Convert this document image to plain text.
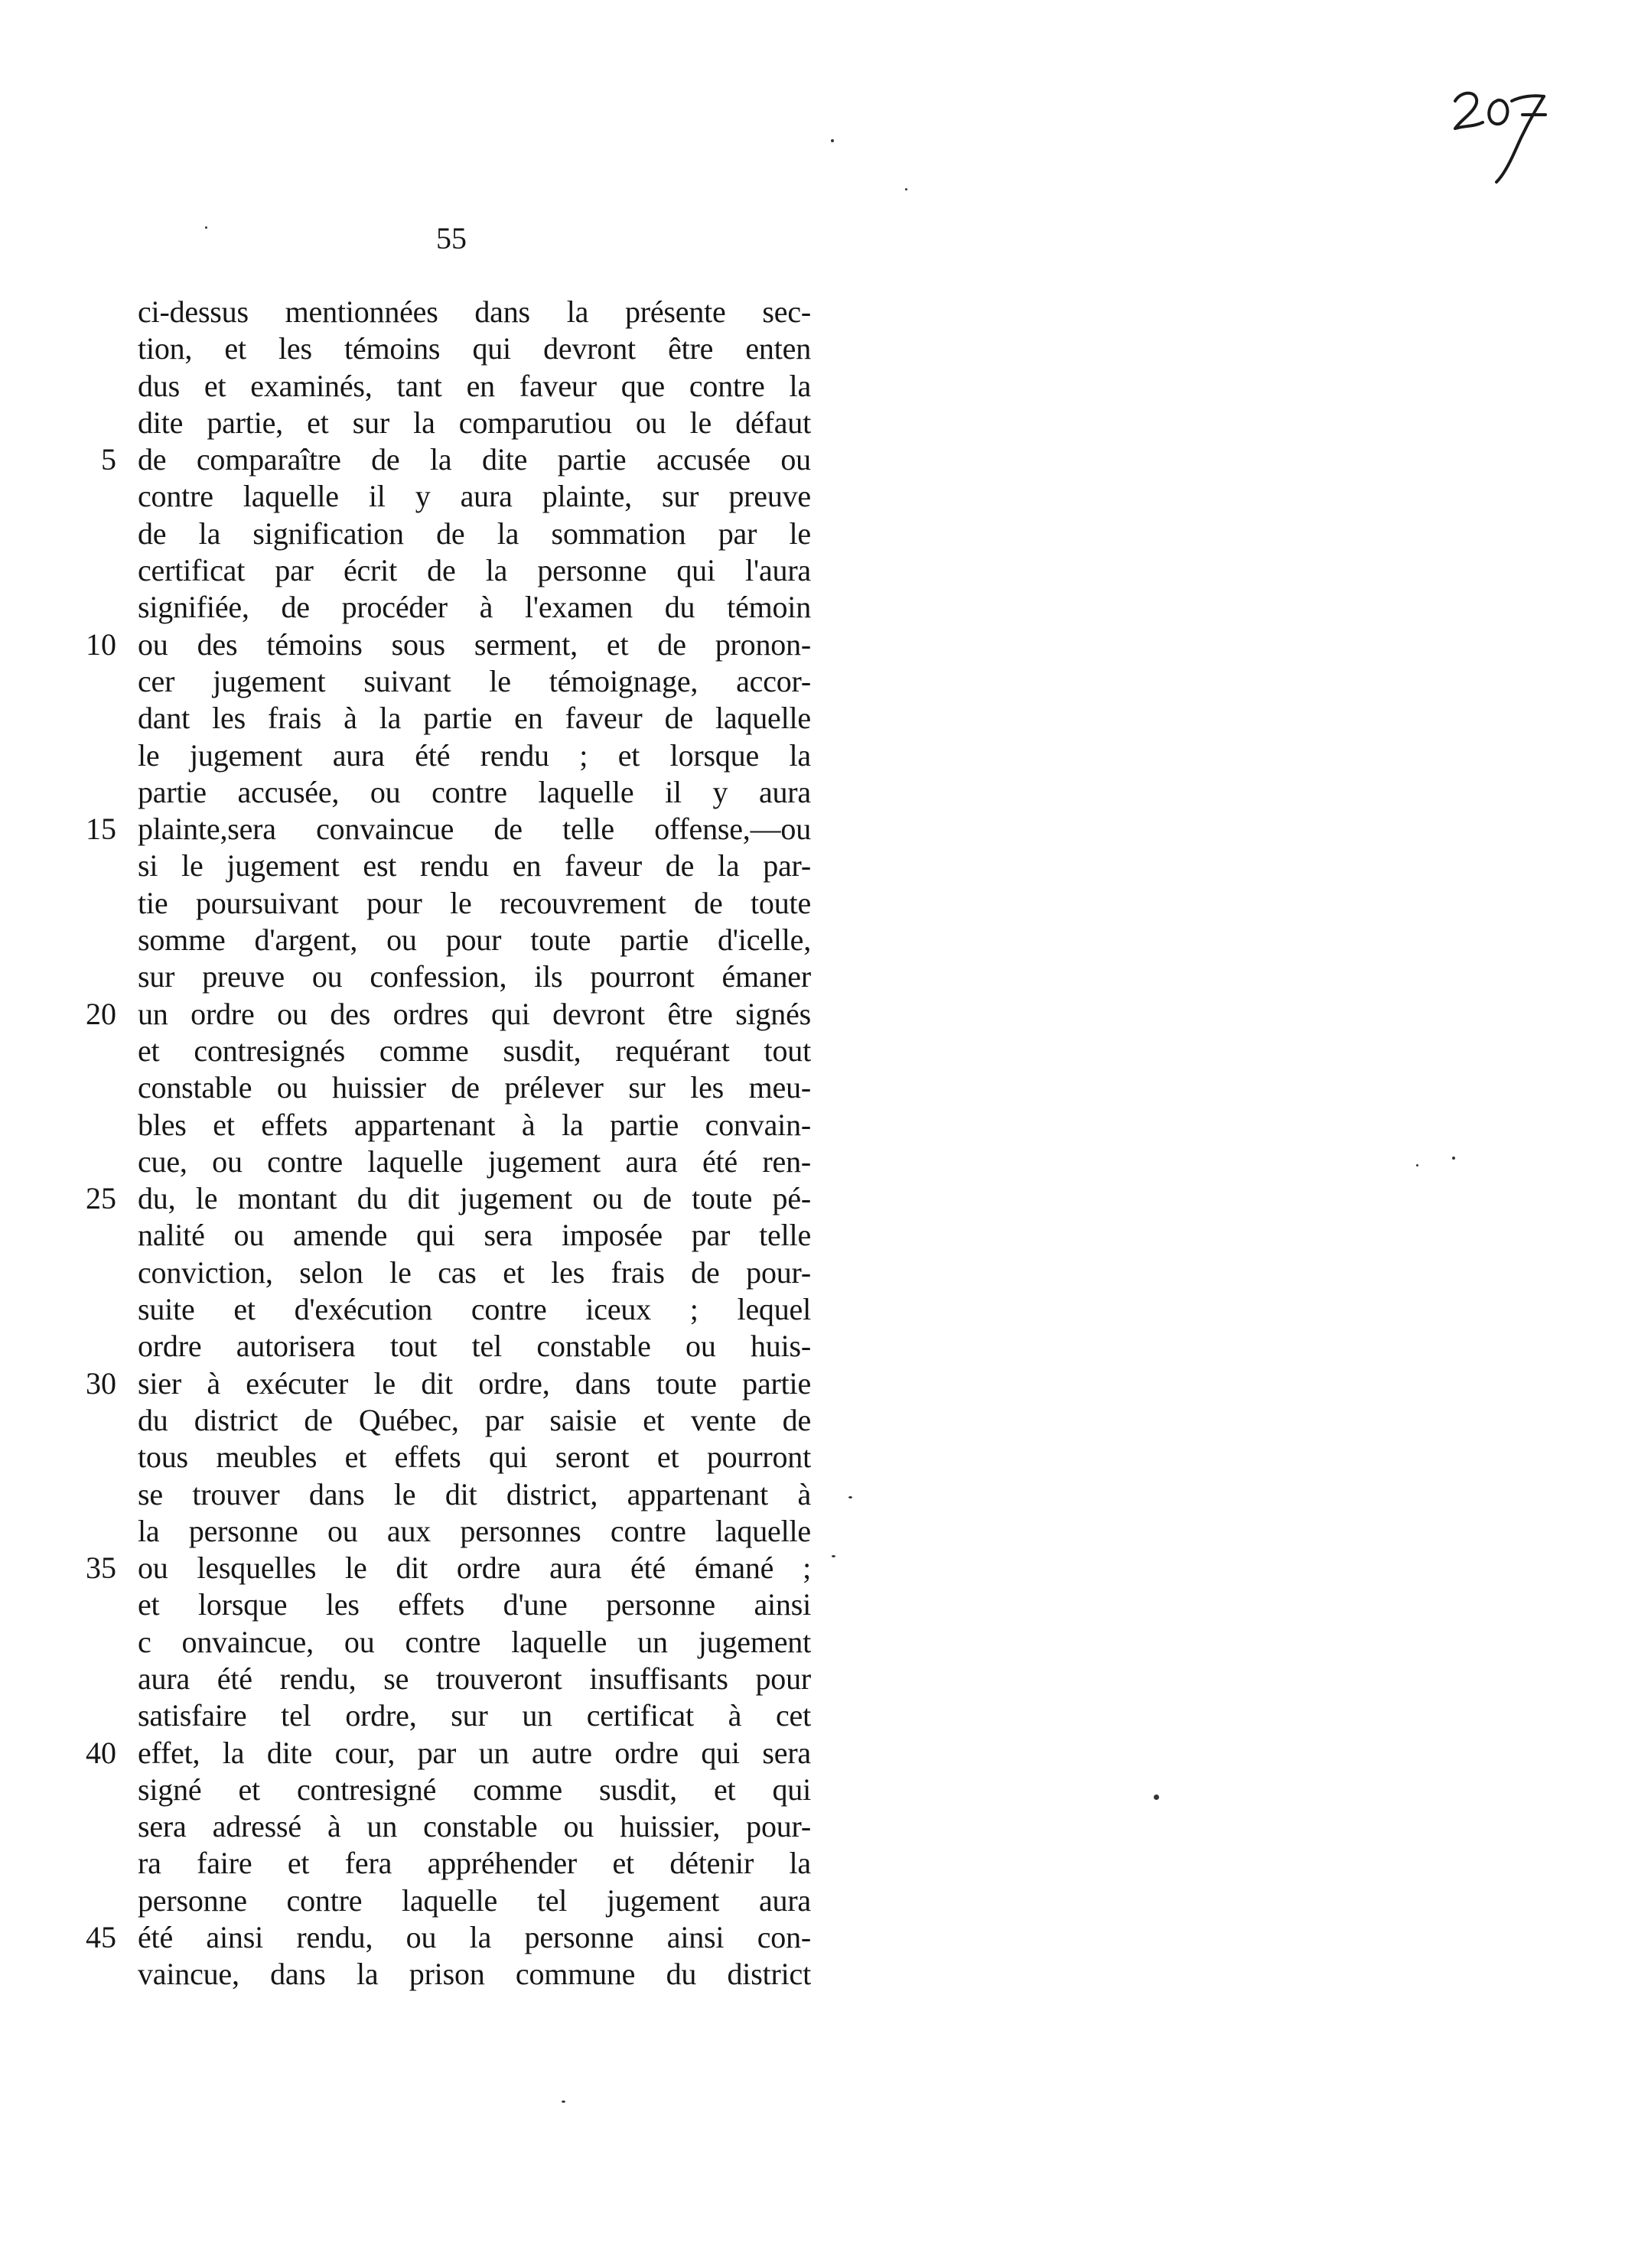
55
ci-dessus mentionnées dans la présente sec-
tion, et les témoins qui devront être enten
dus et examinés, tant en faveur que contre la
dite partie, et sur la comparutiou ou le défaut
5 de comparaître de la dite partie accusée ou
contre laquelle il y aura plainte, sur preuve
de la signification de la sommation par le
certificat par écrit de la personne qui l'aura
signifiée, de procéder à l'examen du témoin
10 ou des témoins sous serment, et de pronon-
cer jugement suivant le témoignage, accor-
dant les frais à la partie en faveur de laquelle
le jugement aura été rendu ; et lorsque la
partie accusée, ou contre laquelle il y aura
15 plainte,sera convaincue de telle offense,—ou
si le jugement est rendu en faveur de la par-
tie poursuivant pour le recouvrement de toute
somme d'argent, ou pour toute partie d'icelle,
sur preuve ou confession, ils pourront émaner
20 un ordre ou des ordres qui devront être signés
et contresignés comme susdit, requérant tout
constable ou huissier de prélever sur les meu-
bles et effets appartenant à la partie convain-
cue, ou contre laquelle jugement aura été ren-
25 du, le montant du dit jugement ou de toute pé-
nalité ou amende qui sera imposée par telle
conviction, selon le cas et les frais de pour-
suite et d'exécution contre iceux ; lequel
ordre autorisera tout tel constable ou huis-
30 sier à exécuter le dit ordre, dans toute partie
du district de Québec, par saisie et vente de
tous meubles et effets qui seront et pourront
se trouver dans le dit district, appartenant à
la personne ou aux personnes contre laquelle
35 ou lesquelles le dit ordre aura été émané ;
et lorsque les effets d'une personne ainsi
c onvaincue, ou contre laquelle un jugement
aura été rendu, se trouveront insuffisants pour
satisfaire tel ordre, sur un certificat à cet
40 effet, la dite cour, par un autre ordre qui sera
signé et contresigné comme susdit, et qui
sera adressé à un constable ou huissier, pour-
ra faire et fera appréhender et détenir la
personne contre laquelle tel jugement aura
45 été ainsi rendu, ou la personne ainsi con-
vaincue, dans la prison commune du district
